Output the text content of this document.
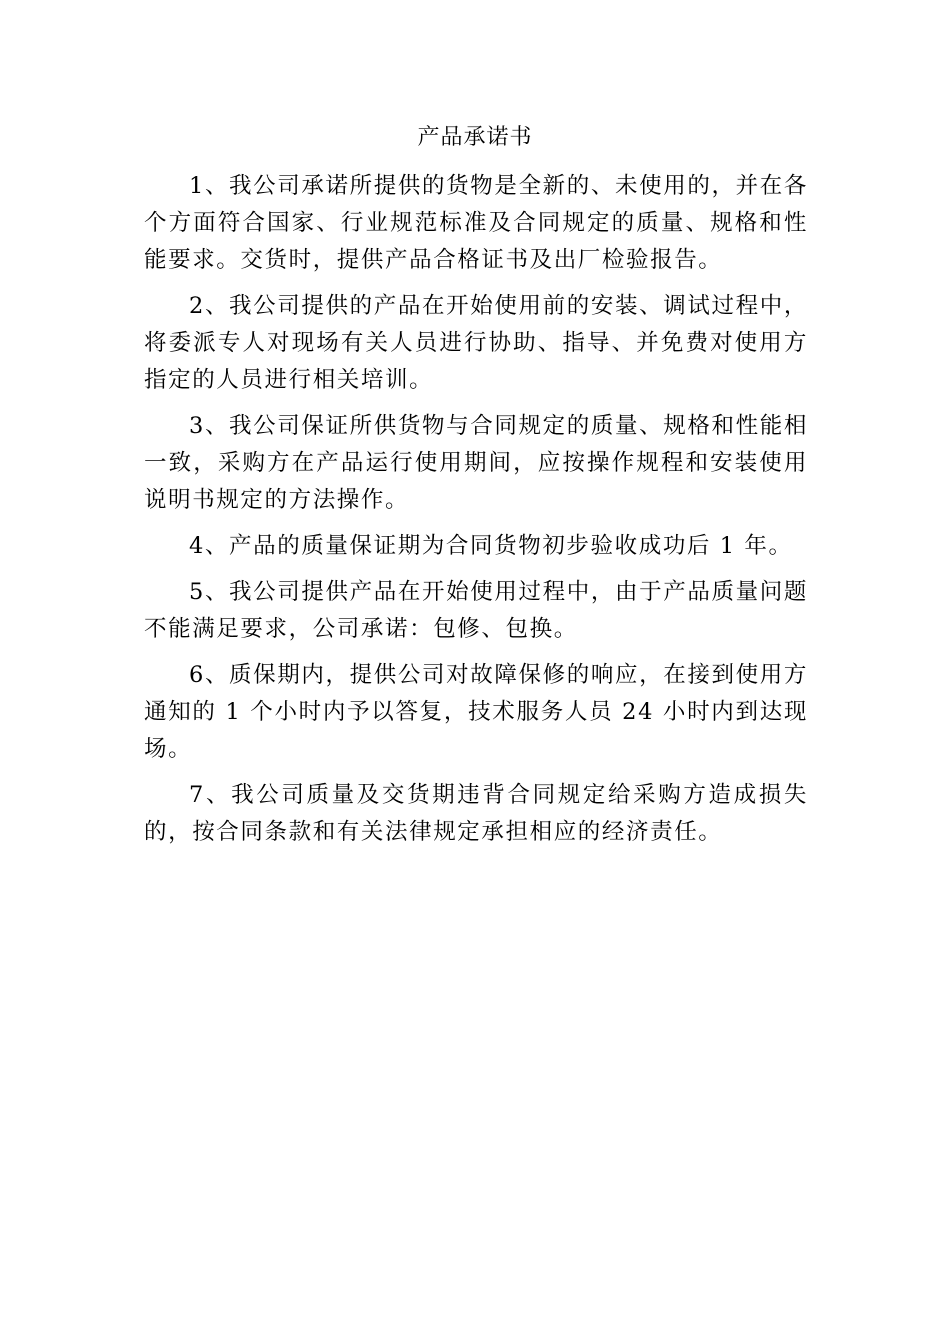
产品承诺书

1、我公司承诺所提供的货物是全新的、未使用的，并在各个方面符合国家、行业规范标准及合同规定的质量、规格和性能要求。交货时，提供产品合格证书及出厂检验报告。

2、我公司提供的产品在开始使用前的安装、调试过程中，将委派专人对现场有关人员进行协助、指导、并免费对使用方指定的人员进行相关培训。

3、我公司保证所供货物与合同规定的质量、规格和性能相一致，采购方在产品运行使用期间，应按操作规程和安装使用说明书规定的方法操作。

4、产品的质量保证期为合同货物初步验收成功后 1 年。

5、我公司提供产品在开始使用过程中，由于产品质量问题不能满足要求，公司承诺：包修、包换。

6、质保期内，提供公司对故障保修的响应，在接到使用方通知的 1 个小时内予以答复，技术服务人员 24 小时内到达现场。

7、我公司质量及交货期违背合同规定给采购方造成损失的，按合同条款和有关法律规定承担相应的经济责任。
